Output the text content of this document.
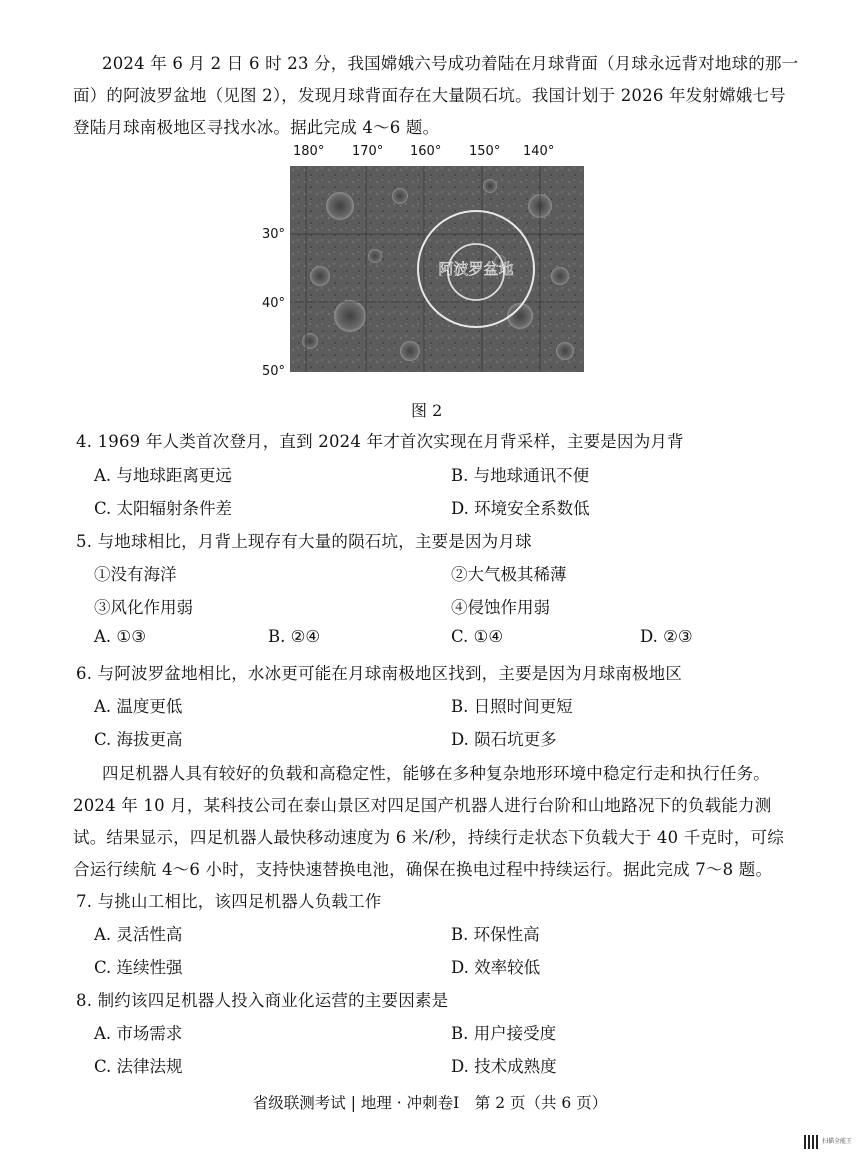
2024 年 6 月 2 日 6 时 23 分，我国嫦娥六号成功着陆在月球背面（月球永远背对地球的那一
面）的阿波罗盆地（见图 2），发现月球背面存在大量陨石坑。我国计划于 2026 年发射嫦娥七号
登陆月球南极地区寻找水冰。据此完成 4～6 题。
180° 170° 160° 150° 140°
30°
40°
50°
阿波罗盆地
图 2
4. 1969 年人类首次登月，直到 2024 年才首次实现在月背采样，主要是因为月背
A. 与地球距离更远	B. 与地球通讯不便
C. 太阳辐射条件差	D. 环境安全系数低
5. 与地球相比，月背上现存有大量的陨石坑，主要是因为月球
①没有海洋	②大气极其稀薄
③风化作用弱	④侵蚀作用弱
A. ①③	B. ②④	C. ①④	D. ②③
6. 与阿波罗盆地相比，水冰更可能在月球南极地区找到，主要是因为月球南极地区
A. 温度更低	B. 日照时间更短
C. 海拔更高	D. 陨石坑更多
四足机器人具有较好的负载和高稳定性，能够在多种复杂地形环境中稳定行走和执行任务。
2024 年 10 月，某科技公司在泰山景区对四足国产机器人进行台阶和山地路况下的负载能力测
试。结果显示，四足机器人最快移动速度为 6 米/秒，持续行走状态下负载大于 40 千克时，可综
合运行续航 4～6 小时，支持快速替换电池，确保在换电过程中持续运行。据此完成 7～8 题。
7. 与挑山工相比，该四足机器人负载工作
A. 灵活性高	B. 环保性高
C. 连续性强	D. 效率较低
8. 制约该四足机器人投入商业化运营的主要因素是
A. 市场需求	B. 用户接受度
C. 法律法规	D. 技术成熟度
省级联测考试 | 地理 · 冲刺卷Ⅰ　第 2 页（共 6 页）
扫描全能王
